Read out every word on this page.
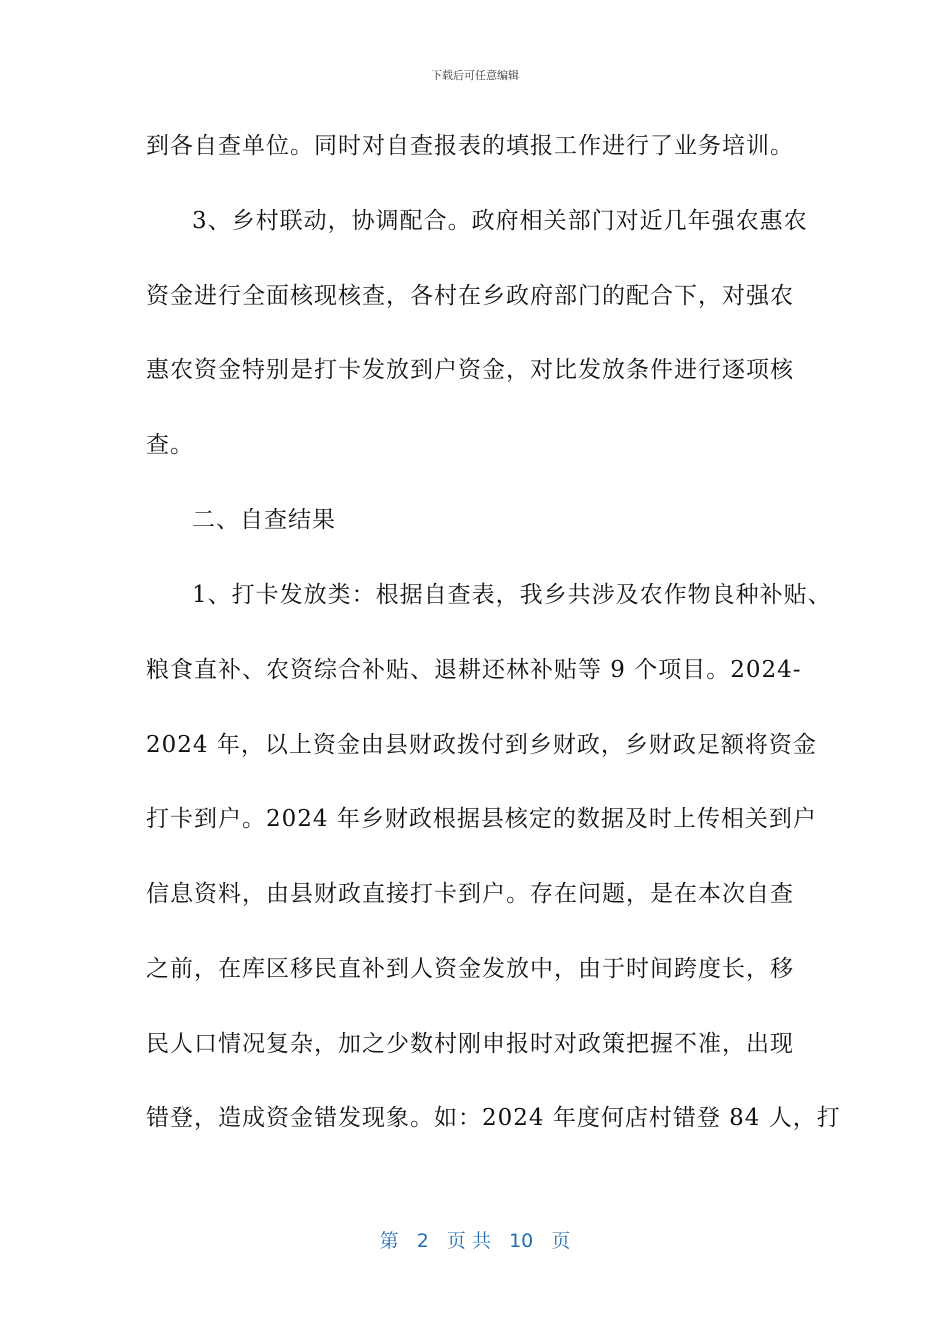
下载后可任意编辑
到各自查单位。同时对自查报表的填报工作进行了业务培训。
3、乡村联动，协调配合。政府相关部门对近几年强农惠农
资金进行全面核现核查，各村在乡政府部门的配合下，对强农
惠农资金特别是打卡发放到户资金，对比发放条件进行逐项核
查。
二、自查结果
1、打卡发放类：根据自查表，我乡共涉及农作物良种补贴、
粮食直补、农资综合补贴、退耕还林补贴等 9 个项目。2024-
2024 年，以上资金由县财政拨付到乡财政，乡财政足额将资金
打卡到户。2024 年乡财政根据县核定的数据及时上传相关到户
信息资料，由县财政直接打卡到户。存在问题，是在本次自查
之前，在库区移民直补到人资金发放中，由于时间跨度长，移
民人口情况复杂，加之少数村刚申报时对政策把握不准，出现
错登，造成资金错发现象。如：2024 年度何店村错登 84 人，打
第 2 页 共 10 页
